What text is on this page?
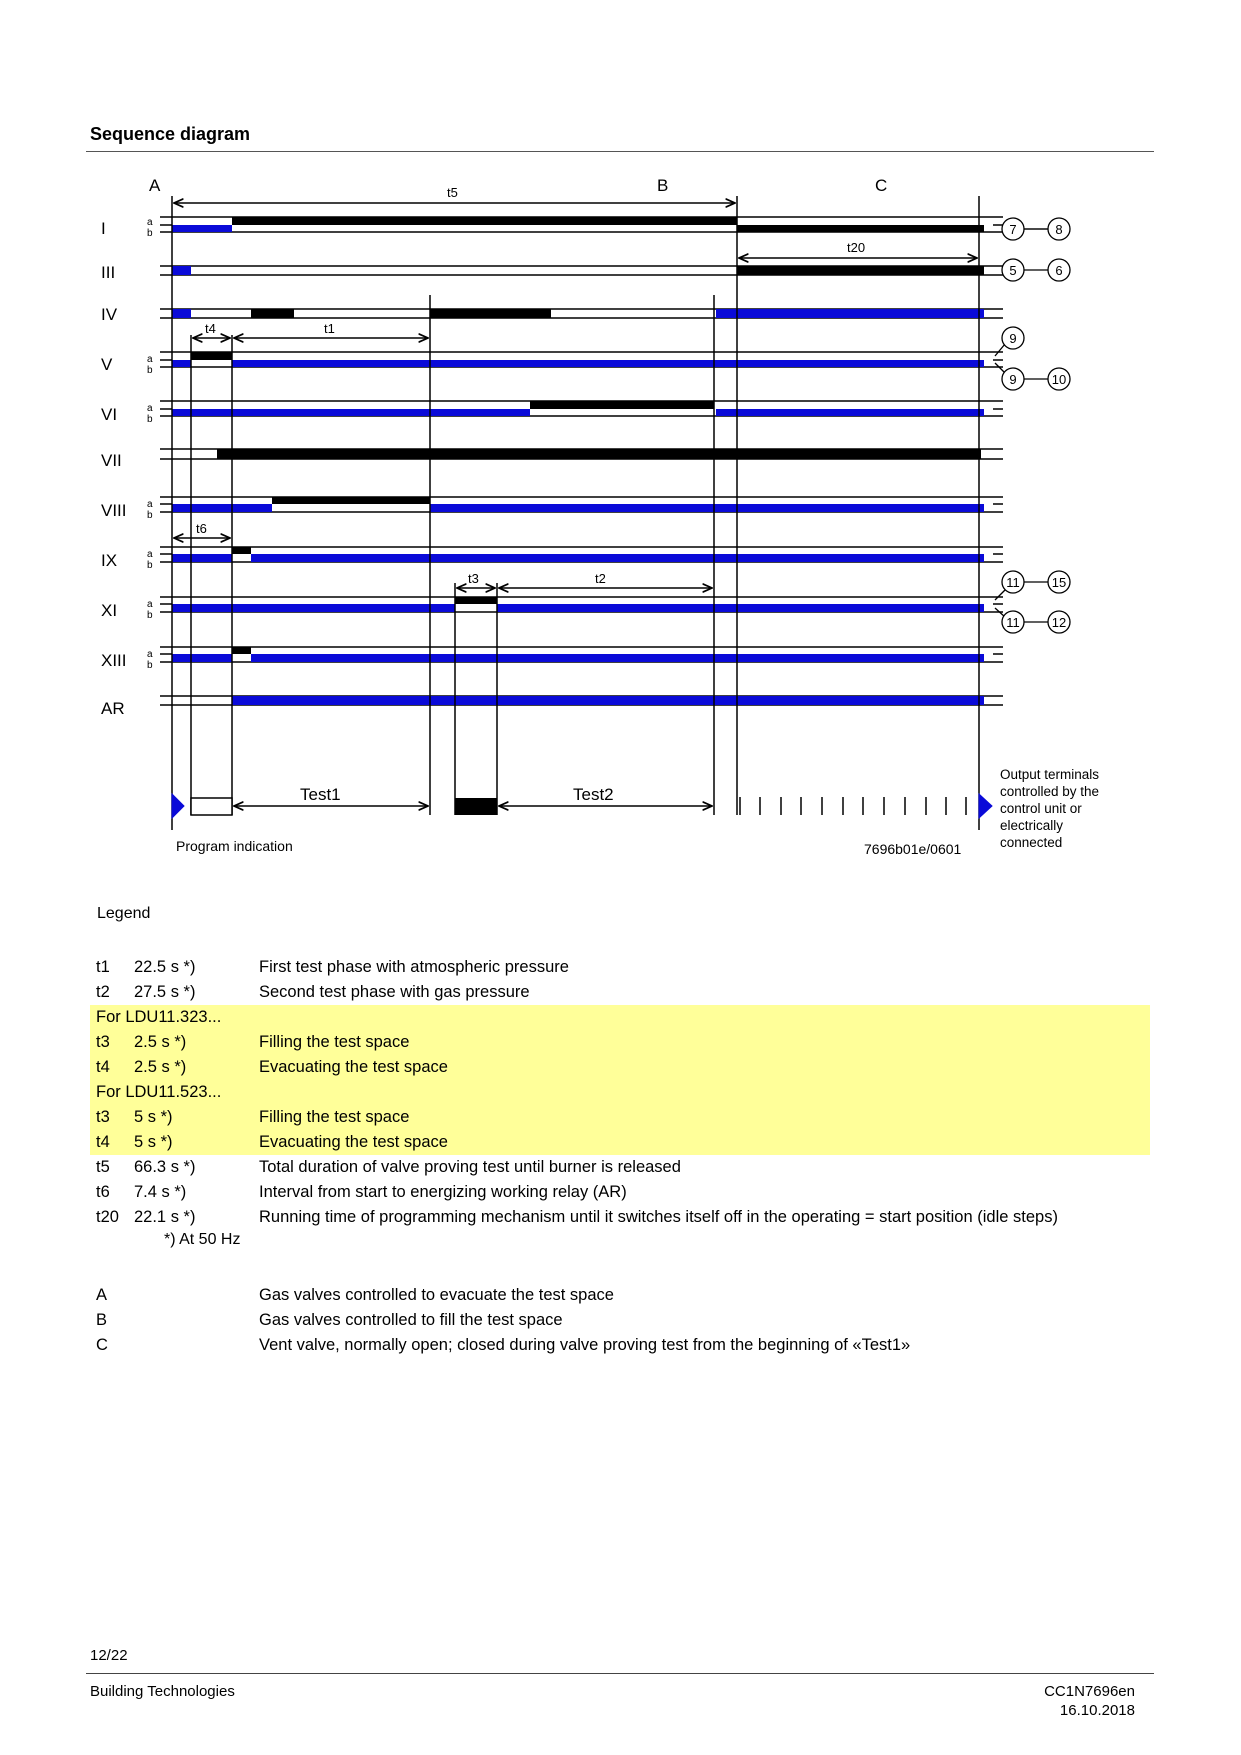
Sequence diagram
A	B	C
I
III
IV
V
VI
VII
VIII
IX
XI
XIII
AR
a
b
a
b
a
b
a
b
a
b
a
b
a
b
t5
t20
t4	t1
t6
t3	t2
Test1	Test2
Program indication	7696b01e/0601
Output terminals
controlled by the
control unit or
electrically
connected
7	8
5	6
9
9	10
11 15
11 12
Legend
t1 22.5 s *)	First test phase with atmospheric pressure
t2 27.5 s *)	Second test phase with gas pressure
For LDU11.323...
t3 2.5 s *)	Filling the test space
t4 2.5 s *)	Evacuating the test space
For LDU11.523...
t3 5 s *)	Filling the test space
t4 5 s *)	Evacuating the test space
t5 66.3 s *)	Total duration of valve proving test until burner is released
t6 7.4 s *)	Interval from start to energizing working relay (AR)
t20 22.1 s *)	Running time of programming mechanism until it switches itself off in the operating = start position (idle steps)
*) At 50 Hz
A	Gas valves controlled to evacuate the test space
B	Gas valves controlled to fill the test space
C	Vent valve, normally open; closed during valve proving test from the beginning of «Test1»
12/22
Building Technologies	CC1N7696en
16.10.2018
